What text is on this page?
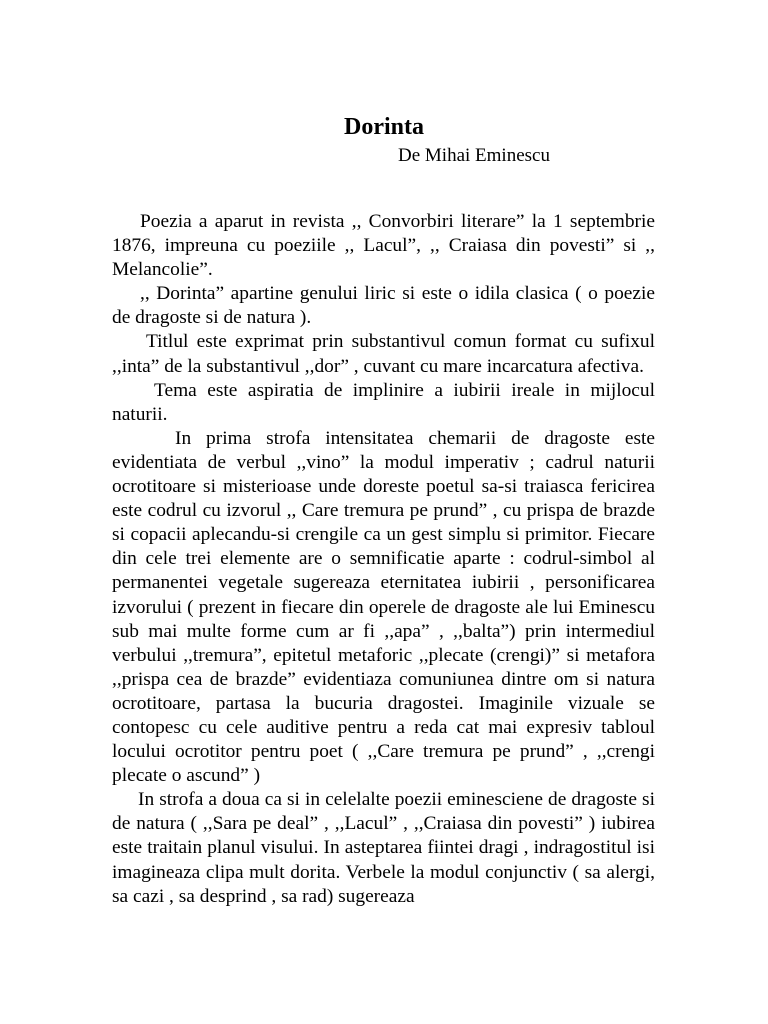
Dorinta

De Mihai Eminescu

Poezia a aparut in revista ,, Convorbiri literare” la 1 septembrie 1876, impreuna cu poeziile ,, Lacul”, ,, Craiasa din povesti” si ,, Melancolie”.

,, Dorinta” apartine genului liric si este o idila clasica ( o poezie de dragoste si de natura ).

Titlul este exprimat prin substantivul comun format cu sufixul ,,inta” de la substantivul ,,dor” , cuvant cu mare incarcatura afectiva.

Tema este aspiratia de implinire a iubirii ireale in mijlocul naturii.

In prima strofa intensitatea chemarii de dragoste este evidentiata de verbul ,,vino” la modul imperativ ; cadrul naturii ocrotitoare si misterioase unde doreste poetul sa-si traiasca fericirea este codrul cu izvorul ,, Care tremura pe prund” , cu prispa de brazde si copacii aplecandu-si crengile ca un gest simplu si primitor. Fiecare din cele trei elemente are o semnificatie aparte : codrul-simbol al permanentei vegetale sugereaza eternitatea iubirii , personificarea izvorului ( prezent in fiecare din operele de dragoste ale lui Eminescu sub mai multe forme cum ar fi ,,apa” , ,,balta”) prin intermediul verbului ,,tremura”, epitetul metaforic ,,plecate (crengi)” si metafora ,,prispa cea de brazde” evidentiaza comuniunea dintre om si natura ocrotitoare, partasa la bucuria dragostei. Imaginile vizuale se contopesc cu cele auditive pentru a reda cat mai expresiv tabloul locului ocrotitor pentru poet ( ,,Care tremura pe prund” , ,,crengi plecate o ascund” )

In strofa a doua ca si in celelalte poezii eminesciene de dragoste si de natura ( ,,Sara pe deal” , ,,Lacul” , ,,Craiasa din povesti” ) iubirea este traitain planul visului. In asteptarea fiintei dragi , indragostitul isi imagineaza clipa mult dorita. Verbele la modul conjunctiv ( sa alergi, sa cazi , sa desprind , sa rad) sugereaza
